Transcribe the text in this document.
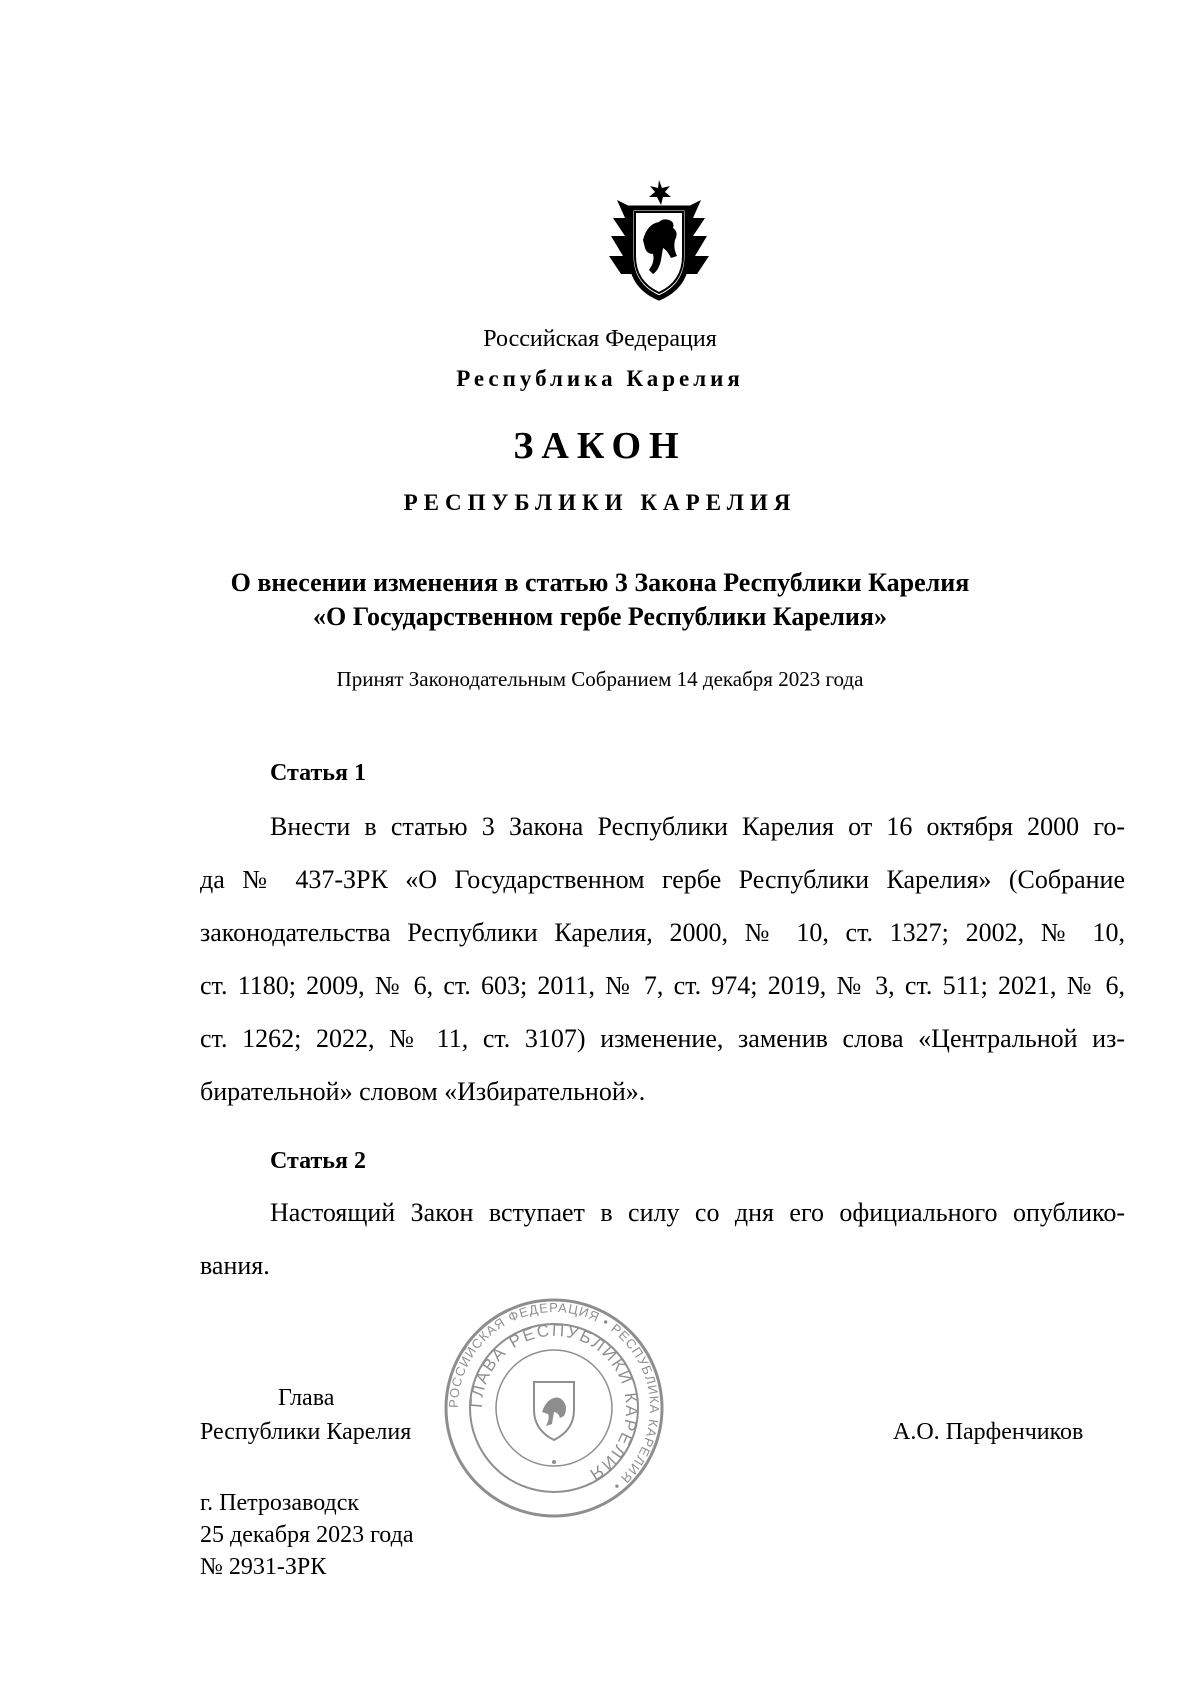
Российская Федерация
Республика Карелия
ЗАКОН
РЕСПУБЛИКИ КАРЕЛИЯ
О внесении изменения в статью 3 Закона Республики Карелия
«О Государственном гербе Республики Карелия»
Принят Законодательным Собранием 14 декабря 2023 года
Статья 1
Внести в статью 3 Закона Республики Карелия от 16 октября 2000 го-
да № 437-ЗРК «О Государственном гербе Республики Карелия» (Собрание
законодательства Республики Карелия, 2000, № 10, ст. 1327; 2002, № 10,
ст. 1180; 2009, № 6, ст. 603; 2011, № 7, ст. 974; 2019, № 3, ст. 511; 2021, № 6,
ст. 1262; 2022, № 11, ст. 3107) изменение, заменив слова «Центральной из-
бирательной» словом «Избирательной».
Статья 2
Настоящий Закон вступает в силу со дня его официального опублико-
вания.
РОССИЙСКАЯ ФЕДЕРАЦИЯ • РЕСПУБЛИКА КАРЕЛИЯ •
ГЛАВА РЕСПУБЛИКИ КАРЕЛИЯ
Глава
Республики Карелия	А.О. Парфенчиков
г. Петрозаводск
25 декабря 2023 года
№ 2931-ЗРК
